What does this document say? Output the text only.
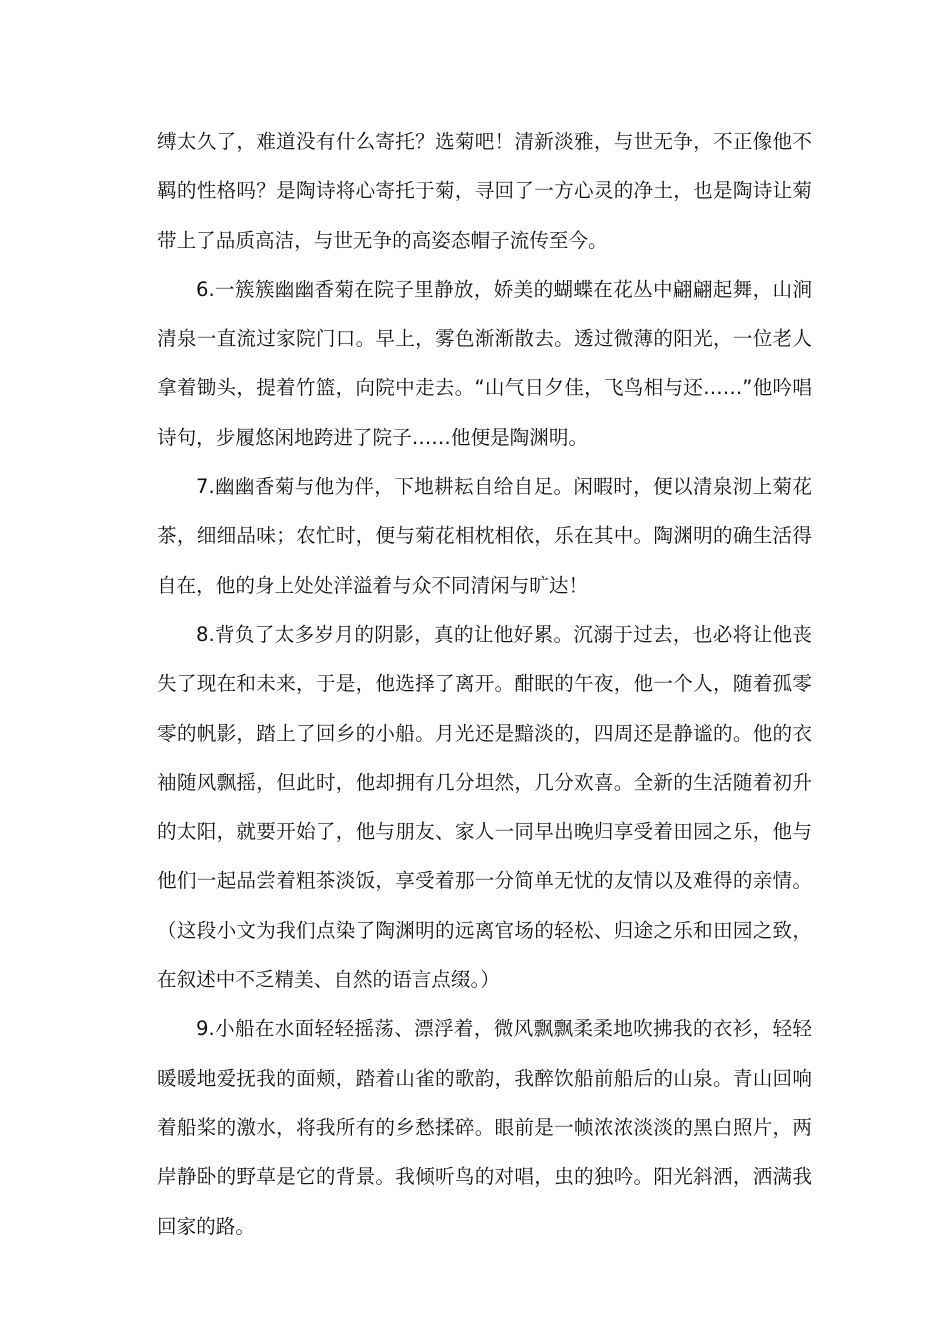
缚太久了，难道没有什么寄托？选菊吧！清新淡雅，与世无争，不正像他不羁的性格吗？是陶诗将心寄托于菊，寻回了一方心灵的净土，也是陶诗让菊带上了品质高洁，与世无争的高姿态帽子流传至今。

6.一簇簇幽幽香菊在院子里静放，娇美的蝴蝶在花丛中翩翩起舞，山涧清泉一直流过家院门口。早上，雾色渐渐散去。透过微薄的阳光，一位老人拿着锄头，提着竹篮，向院中走去。“山气日夕佳，飞鸟相与还……”他吟唱诗句，步履悠闲地跨进了院子……他便是陶渊明。

7.幽幽香菊与他为伴，下地耕耘自给自足。闲暇时，便以清泉沏上菊花茶，细细品味；农忙时，便与菊花相枕相依，乐在其中。陶渊明的确生活得自在，他的身上处处洋溢着与众不同清闲与旷达！

8.背负了太多岁月的阴影，真的让他好累。沉溺于过去，也必将让他丧失了现在和未来，于是，他选择了离开。酣眠的午夜，他一个人，随着孤零零的帆影，踏上了回乡的小船。月光还是黯淡的，四周还是静谧的。他的衣袖随风飘摇，但此时，他却拥有几分坦然，几分欢喜。全新的生活随着初升的太阳，就要开始了，他与朋友、家人一同早出晚归享受着田园之乐，他与他们一起品尝着粗茶淡饭，享受着那一分简单无忧的友情以及难得的亲情。（这段小文为我们点染了陶渊明的远离官场的轻松、归途之乐和田园之致，在叙述中不乏精美、自然的语言点缀。）

9.小船在水面轻轻摇荡、漂浮着，微风飘飘柔柔地吹拂我的衣衫，轻轻暖暖地爱抚我的面颊，踏着山雀的歌韵，我醉饮船前船后的山泉。青山回响着船桨的激水，将我所有的乡愁揉碎。眼前是一帧浓浓淡淡的黑白照片，两岸静卧的野草是它的背景。我倾听鸟的对唱，虫的独吟。阳光斜洒，洒满我回家的路。
